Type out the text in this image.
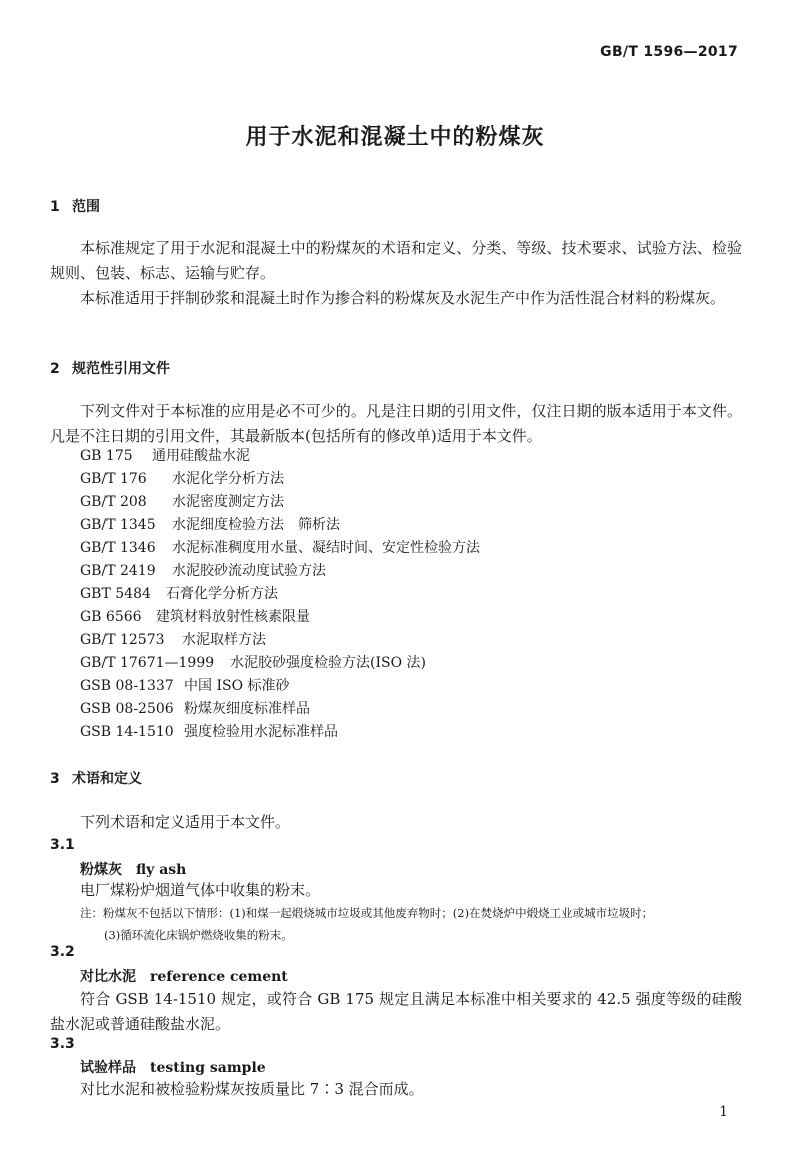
GB/T 1596—2017
用于水泥和混凝土中的粉煤灰
1 范围
本标准规定了用于水泥和混凝土中的粉煤灰的术语和定义、分类、等级、技术要求、试验方法、检验规则、包装、标志、运输与贮存。
本标准适用于拌制砂浆和混凝土时作为掺合料的粉煤灰及水泥生产中作为活性混合材料的粉煤灰。
2 规范性引用文件
下列文件对于本标准的应用是必不可少的。凡是注日期的引用文件，仅注日期的版本适用于本文件。凡是不注日期的引用文件，其最新版本(包括所有的修改单)适用于本文件。
GB 175 通用硅酸盐水泥
GB/T 176 水泥化学分析方法
GB/T 208 水泥密度测定方法
GB/T 1345 水泥细度检验方法　筛析法
GB/T 1346 水泥标准稠度用水量、凝结时间、安定性检验方法
GB/T 2419 水泥胶砂流动度试验方法
GBT 5484 石膏化学分析方法
GB 6566 建筑材料放射性核素限量
GB/T 12573 水泥取样方法
GB/T 17671—1999 水泥胶砂强度检验方法(ISO 法)
GSB 08-1337 中国 ISO 标准砂
GSB 08-2506 粉煤灰细度标准样品
GSB 14-1510 强度检验用水泥标准样品
3 术语和定义
下列术语和定义适用于本文件。
3.1
粉煤灰　 fly ash
电厂煤粉炉烟道气体中收集的粉末。
注：粉煤灰不包括以下情形：(1)和煤一起煅烧城市垃圾或其他废弃物时；(2)在焚烧炉中煅烧工业或城市垃圾时；
(3)循环流化床锅炉燃烧收集的粉末。
3.2
对比水泥　 reference cement
符合 GSB 14-1510 规定，或符合 GB 175 规定且满足本标准中相关要求的 42.5 强度等级的硅酸盐水泥或普通硅酸盐水泥。
3.3
试验样品　 testing sample
对比水泥和被检验粉煤灰按质量比 7∶3 混合而成。
1
